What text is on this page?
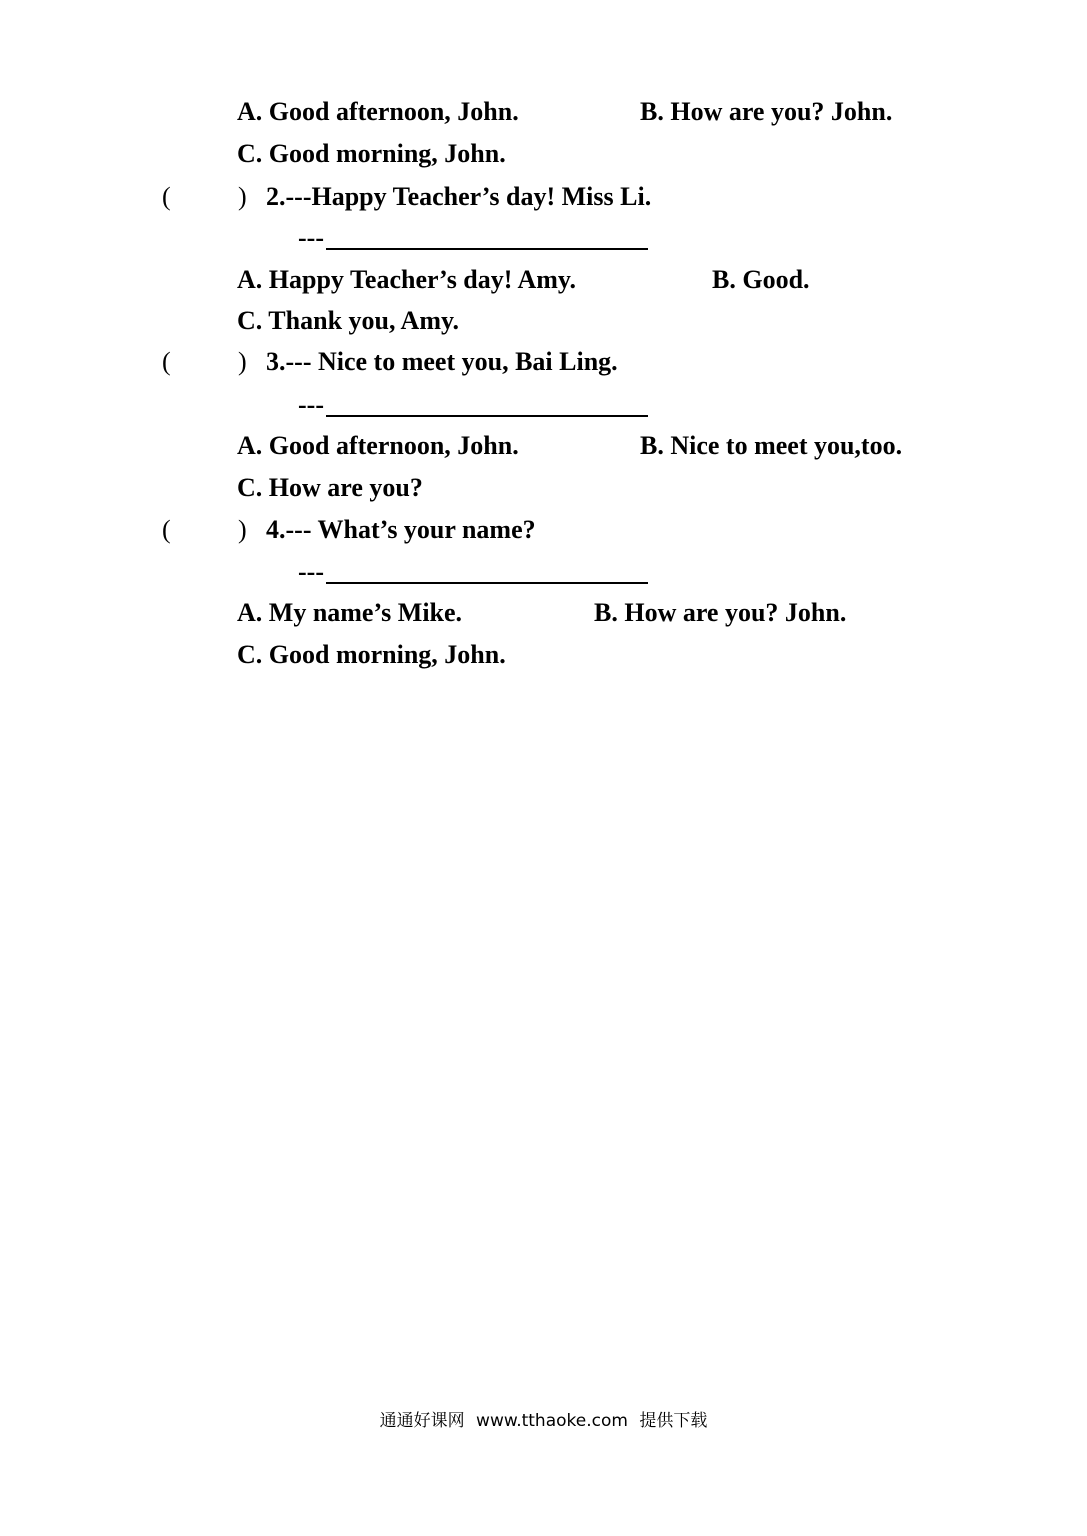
A. Good afternoon, John.	B. How are you? John.
C. Good morning, John.
(	) 2.---Happy Teacher’s day! Miss Li.
---
A. Happy Teacher’s day! Amy.	B. Good.
C. Thank you, Amy.
(	) 3.--- Nice to meet you, Bai Ling.
---
A. Good afternoon, John.	B. Nice to meet you,too.
C. How are you?
(	) 4.--- What’s your name?
---
A. My name’s Mike.	B. How are you? John.
C. Good morning, John.
通通好课网 www.tthaoke.com 提供下载
